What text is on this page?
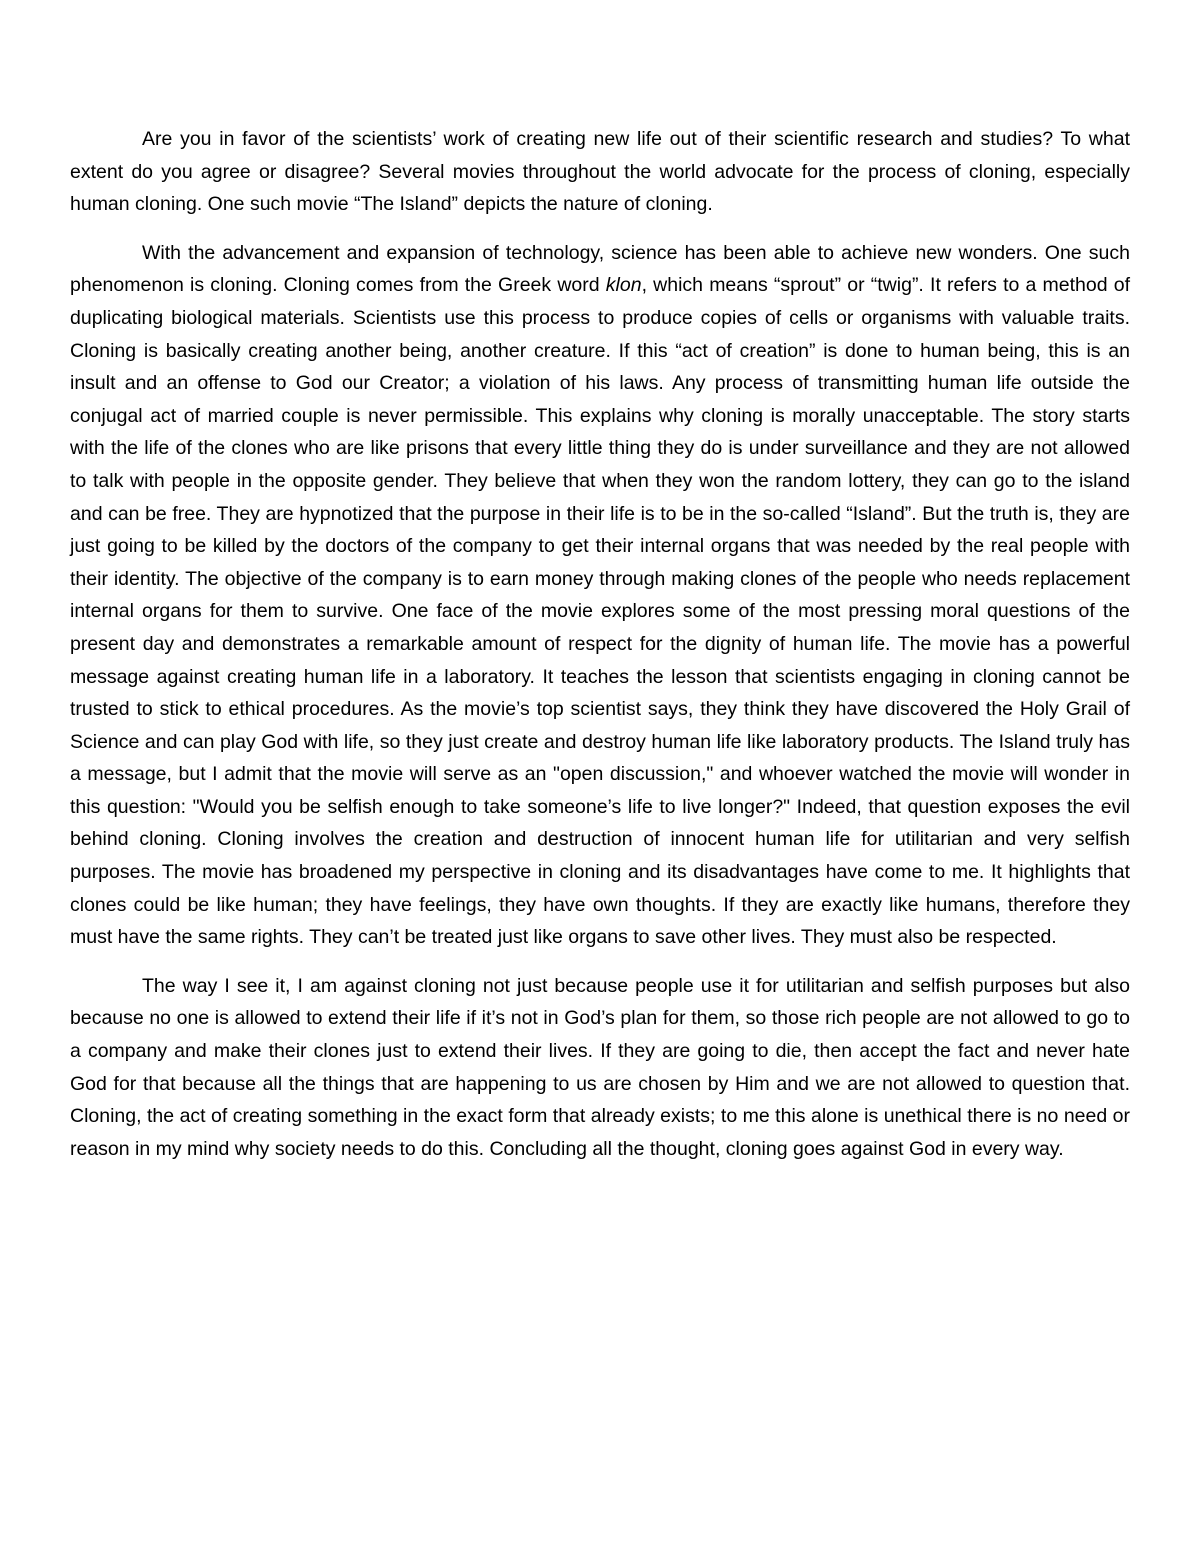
Are you in favor of the scientists’ work of creating new life out of their scientific research and studies? To what extent do you agree or disagree? Several movies throughout the world advocate for the process of cloning, especially human cloning. One such movie “The Island” depicts the nature of cloning.

With the advancement and expansion of technology, science has been able to achieve new wonders. One such phenomenon is cloning. Cloning comes from the Greek word klon, which means “sprout” or “twig”. It refers to a method of duplicating biological materials. Scientists use this process to produce copies of cells or organisms with valuable traits. Cloning is basically creating another being, another creature. If this “act of creation” is done to human being, this is an insult and an offense to God our Creator; a violation of his laws. Any process of transmitting human life outside the conjugal act of married couple is never permissible. This explains why cloning is morally unacceptable. The story starts with the life of the clones who are like prisons that every little thing they do is under surveillance and they are not allowed to talk with people in the opposite gender. They believe that when they won the random lottery, they can go to the island and can be free. They are hypnotized that the purpose in their life is to be in the so-called “Island”. But the truth is, they are just going to be killed by the doctors of the company to get their internal organs that was needed by the real people with their identity. The objective of the company is to earn money through making clones of the people who needs replacement internal organs for them to survive. One face of the movie explores some of the most pressing moral questions of the present day and demonstrates a remarkable amount of respect for the dignity of human life. The movie has a powerful message against creating human life in a laboratory. It teaches the lesson that scientists engaging in cloning cannot be trusted to stick to ethical procedures. As the movie’s top scientist says, they think they have discovered the Holy Grail of Science and can play God with life, so they just create and destroy human life like laboratory products. The Island truly has a message, but I admit that the movie will serve as an "open discussion," and whoever watched the movie will wonder in this question: "Would you be selfish enough to take someone’s life to live longer?" Indeed, that question exposes the evil behind cloning. Cloning involves the creation and destruction of innocent human life for utilitarian and very selfish purposes. The movie has broadened my perspective in cloning and its disadvantages have come to me. It highlights that clones could be like human; they have feelings, they have own thoughts. If they are exactly like humans, therefore they must have the same rights. They can’t be treated just like organs to save other lives. They must also be respected.

The way I see it, I am against cloning not just because people use it for utilitarian and selfish purposes but also because no one is allowed to extend their life if it’s not in God’s plan for them, so those rich people are not allowed to go to a company and make their clones just to extend their lives. If they are going to die, then accept the fact and never hate God for that because all the things that are happening to us are chosen by Him and we are not allowed to question that. Cloning, the act of creating something in the exact form that already exists; to me this alone is unethical there is no need or reason in my mind why society needs to do this. Concluding all the thought, cloning goes against God in every way.
